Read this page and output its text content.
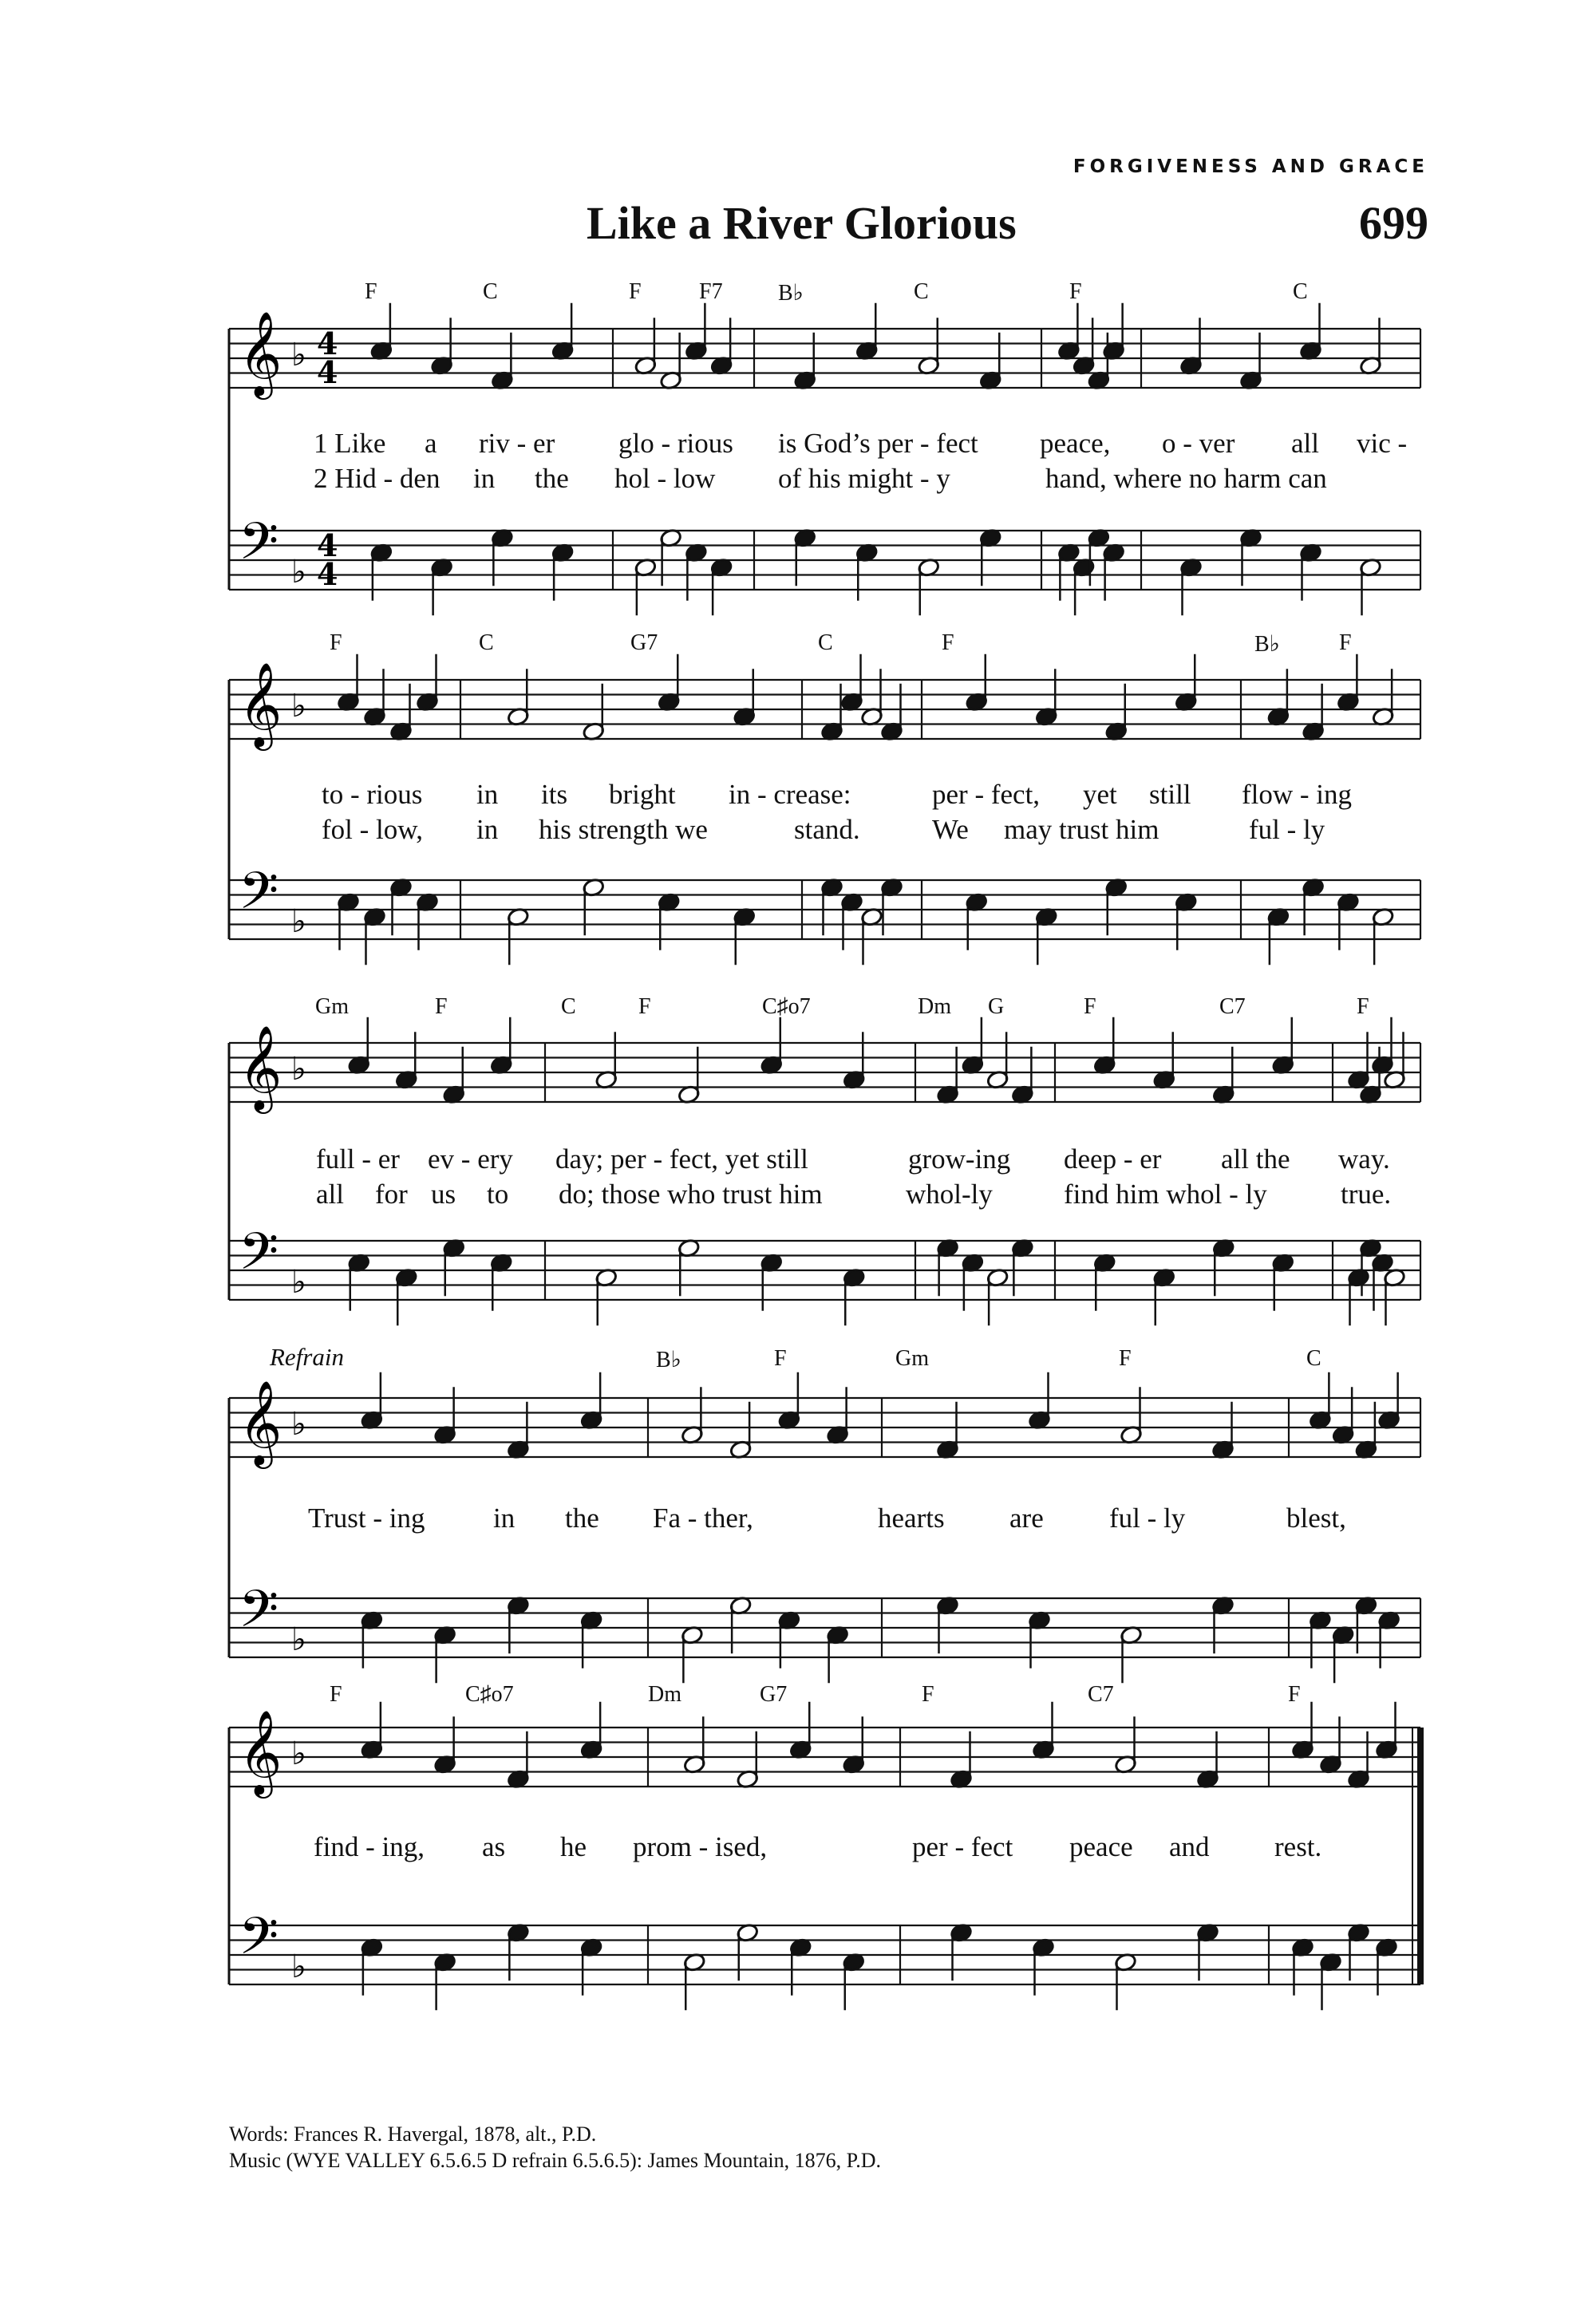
FORGIVENESS AND GRACE
Like a River Glorious	699
𝄞
𝄢
♭
♭
4
4
4
4
𝄞
𝄢
♭
♭
𝄞
𝄢
♭
♭
𝄞
𝄢
♭
♭
𝄞
𝄢
♭
♭
F	C	F	F7 B♭	C	F	C
1 Like a riv - er glo - rious is God’s per - fect peace, o - ver all vic -
2 Hid - den in the hol - low of his might - y	hand, where no harm can
F	C	G7	C	F	B♭	F
to - rious in its bright in - crease:	per - fect, yet still flow - ing
fol - low, in his strength we	stand.	We may trust him	ful - ly
Gm	F	C	F	C♯o7	Dm G	F	C7	F
full - er ev - ery day; per - fect, yet still	grow-ing deep - er all the way.
all for us to do; those who trust him	whol-ly	find him whol - ly	true.
Refrain	B♭	F	Gm	F	C
Trust - ing in the Fa - ther,	hearts are ful - ly	blest,
F	C♯o7	Dm	G7	F	C7	F
find - ing, as he prom - ised,	per - fect peace and rest.
Words: Frances R. Havergal, 1878, alt., P.D.
Music (WYE VALLEY 6.5.6.5 D refrain 6.5.6.5): James Mountain, 1876, P.D.
